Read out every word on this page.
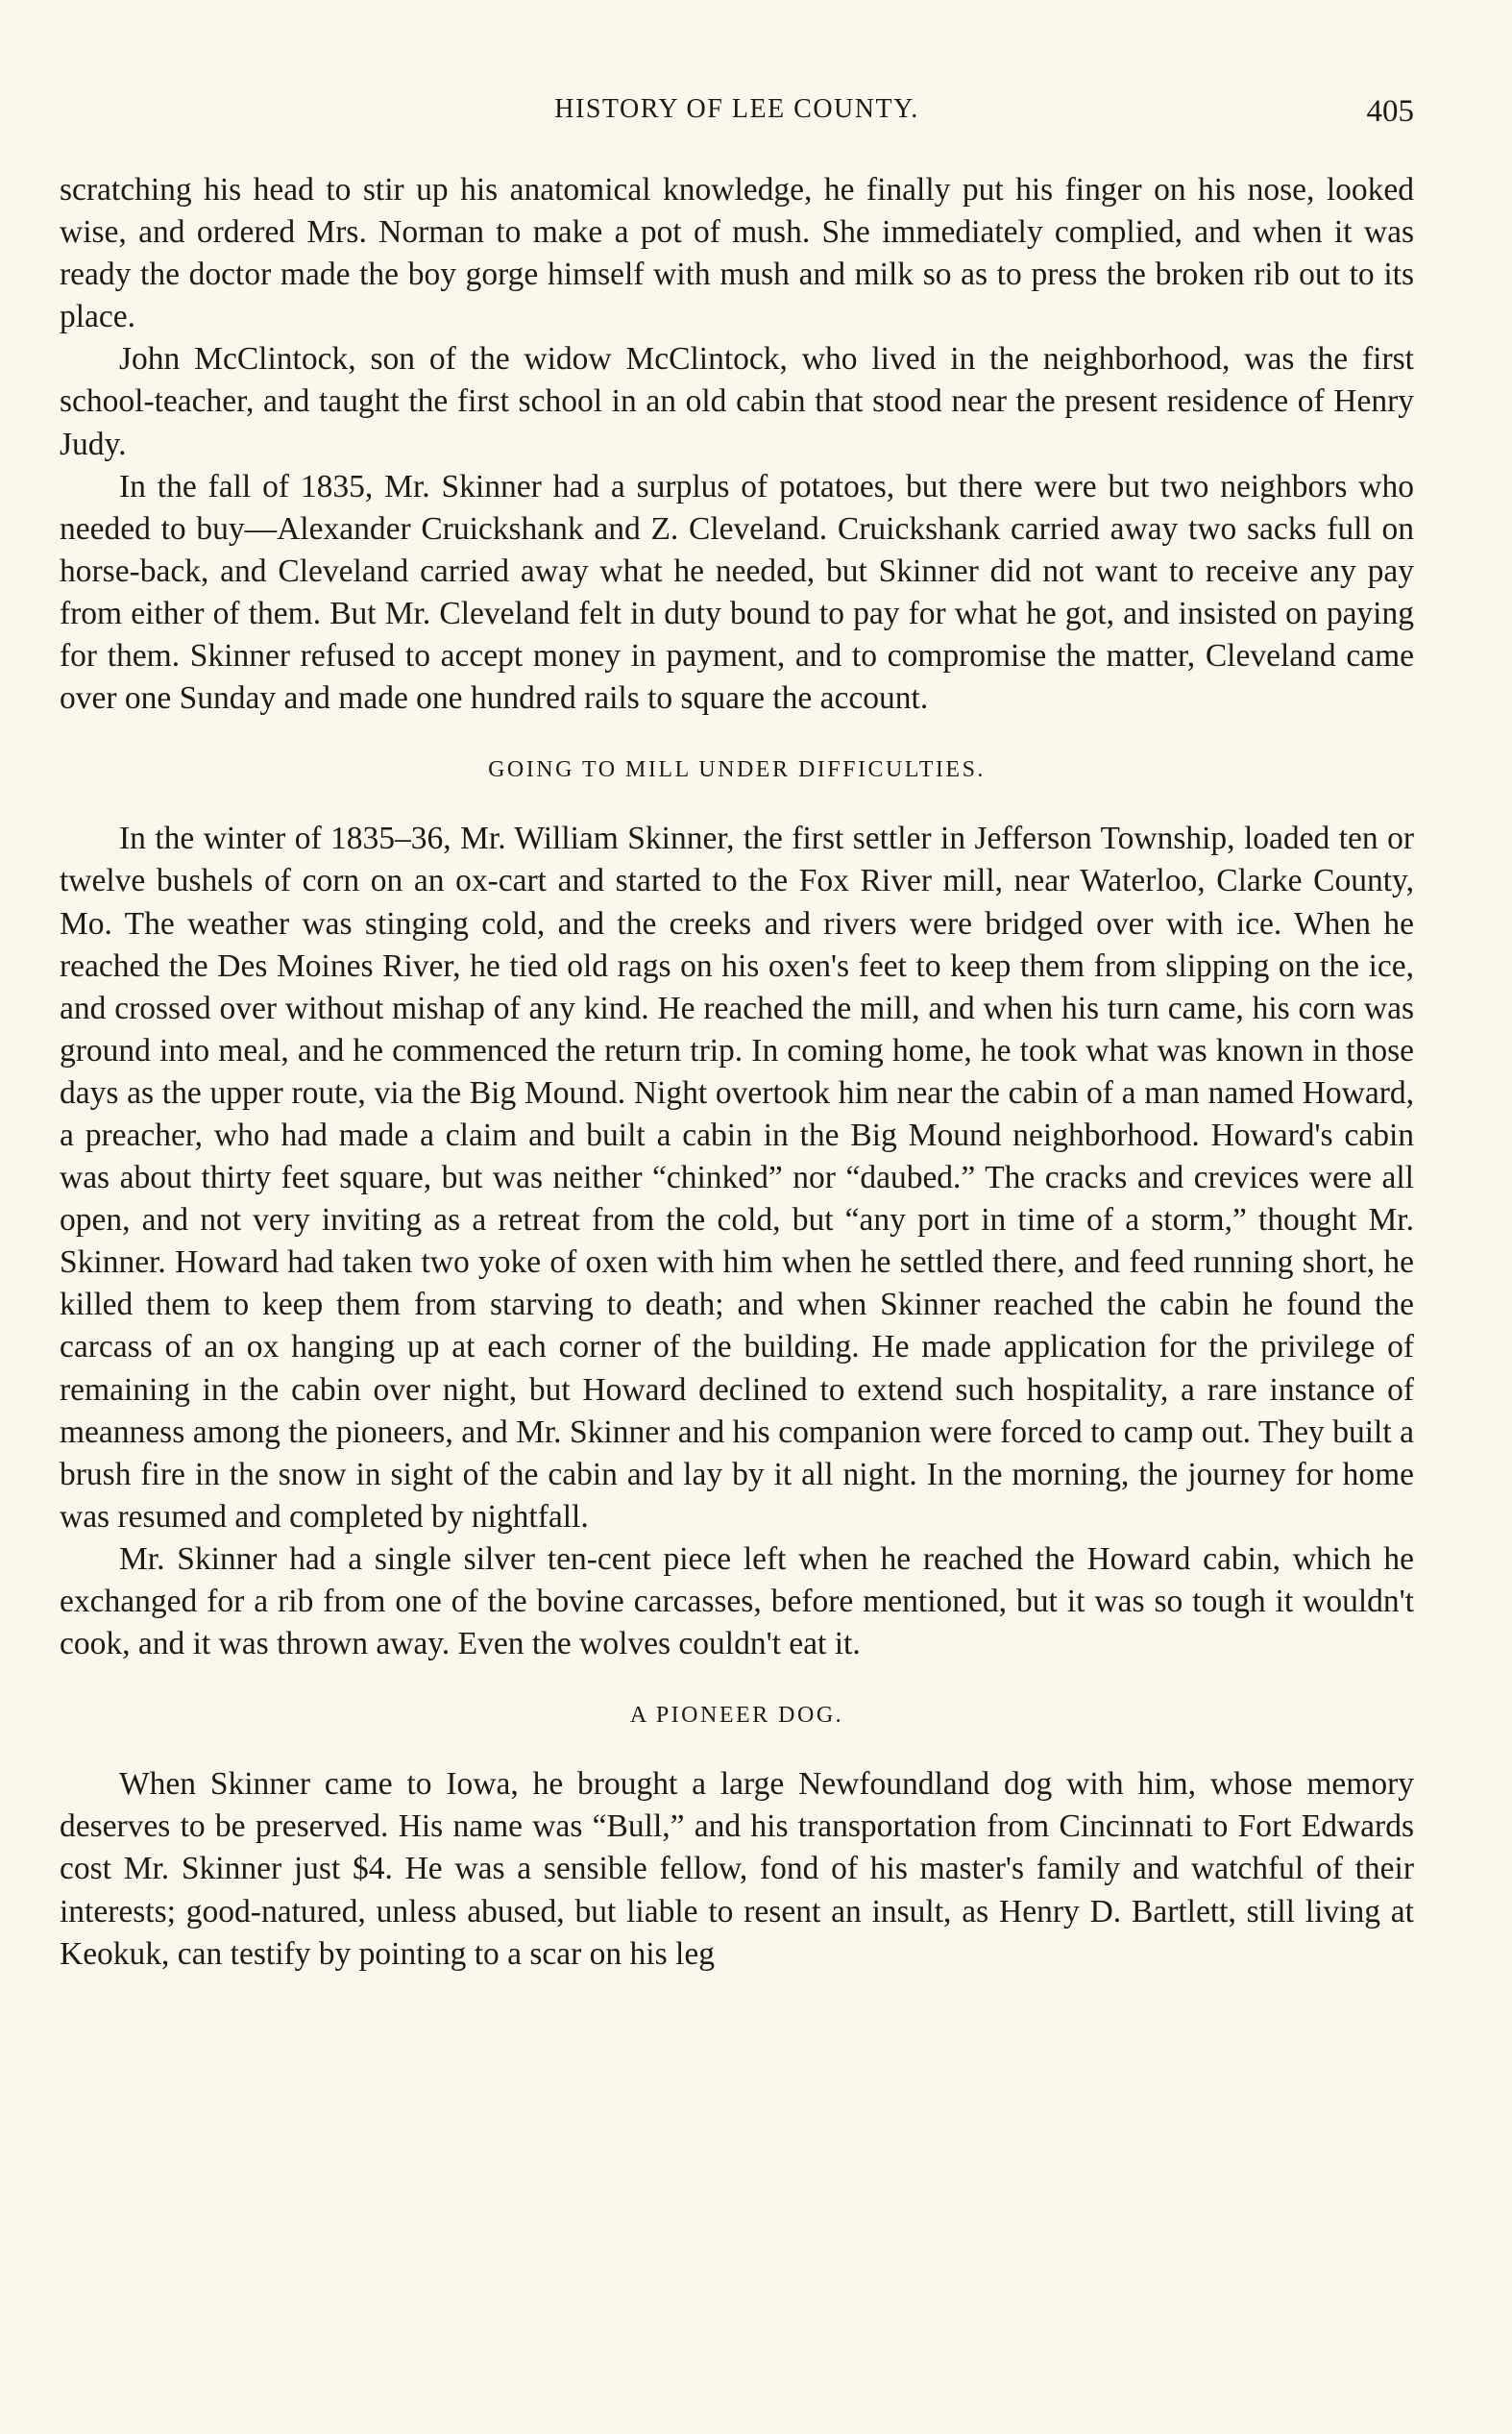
HISTORY OF LEE COUNTY.	405

scratching his head to stir up his anatomical knowledge, he finally put his finger on his nose, looked wise, and ordered Mrs. Norman to make a pot of mush. She immediately complied, and when it was ready the doctor made the boy gorge himself with mush and milk so as to press the broken rib out to its place.

John McClintock, son of the widow McClintock, who lived in the neighborhood, was the first school-teacher, and taught the first school in an old cabin that stood near the present residence of Henry Judy.

In the fall of 1835, Mr. Skinner had a surplus of potatoes, but there were but two neighbors who needed to buy—Alexander Cruickshank and Z. Cleveland. Cruickshank carried away two sacks full on horse-back, and Cleveland carried away what he needed, but Skinner did not want to receive any pay from either of them. But Mr. Cleveland felt in duty bound to pay for what he got, and insisted on paying for them. Skinner refused to accept money in payment, and to compromise the matter, Cleveland came over one Sunday and made one hundred rails to square the account.

GOING TO MILL UNDER DIFFICULTIES.

In the winter of 1835–36, Mr. William Skinner, the first settler in Jefferson Township, loaded ten or twelve bushels of corn on an ox-cart and started to the Fox River mill, near Waterloo, Clarke County, Mo. The weather was stinging cold, and the creeks and rivers were bridged over with ice. When he reached the Des Moines River, he tied old rags on his oxen's feet to keep them from slipping on the ice, and crossed over without mishap of any kind. He reached the mill, and when his turn came, his corn was ground into meal, and he commenced the return trip. In coming home, he took what was known in those days as the upper route, via the Big Mound. Night overtook him near the cabin of a man named Howard, a preacher, who had made a claim and built a cabin in the Big Mound neighborhood. Howard's cabin was about thirty feet square, but was neither “chinked” nor “daubed.” The cracks and crevices were all open, and not very inviting as a retreat from the cold, but “any port in time of a storm,” thought Mr. Skinner. Howard had taken two yoke of oxen with him when he settled there, and feed running short, he killed them to keep them from starving to death; and when Skinner reached the cabin he found the carcass of an ox hanging up at each corner of the building. He made application for the privilege of remaining in the cabin over night, but Howard declined to extend such hospitality, a rare instance of meanness among the pioneers, and Mr. Skinner and his companion were forced to camp out. They built a brush fire in the snow in sight of the cabin and lay by it all night. In the morning, the journey for home was resumed and completed by nightfall.

Mr. Skinner had a single silver ten-cent piece left when he reached the Howard cabin, which he exchanged for a rib from one of the bovine carcasses, before mentioned, but it was so tough it wouldn't cook, and it was thrown away. Even the wolves couldn't eat it.

A PIONEER DOG.

When Skinner came to Iowa, he brought a large Newfoundland dog with him, whose memory deserves to be preserved. His name was “Bull,” and his transportation from Cincinnati to Fort Edwards cost Mr. Skinner just $4. He was a sensible fellow, fond of his master's family and watchful of their interests; good-natured, unless abused, but liable to resent an insult, as Henry D. Bartlett, still living at Keokuk, can testify by pointing to a scar on his leg
